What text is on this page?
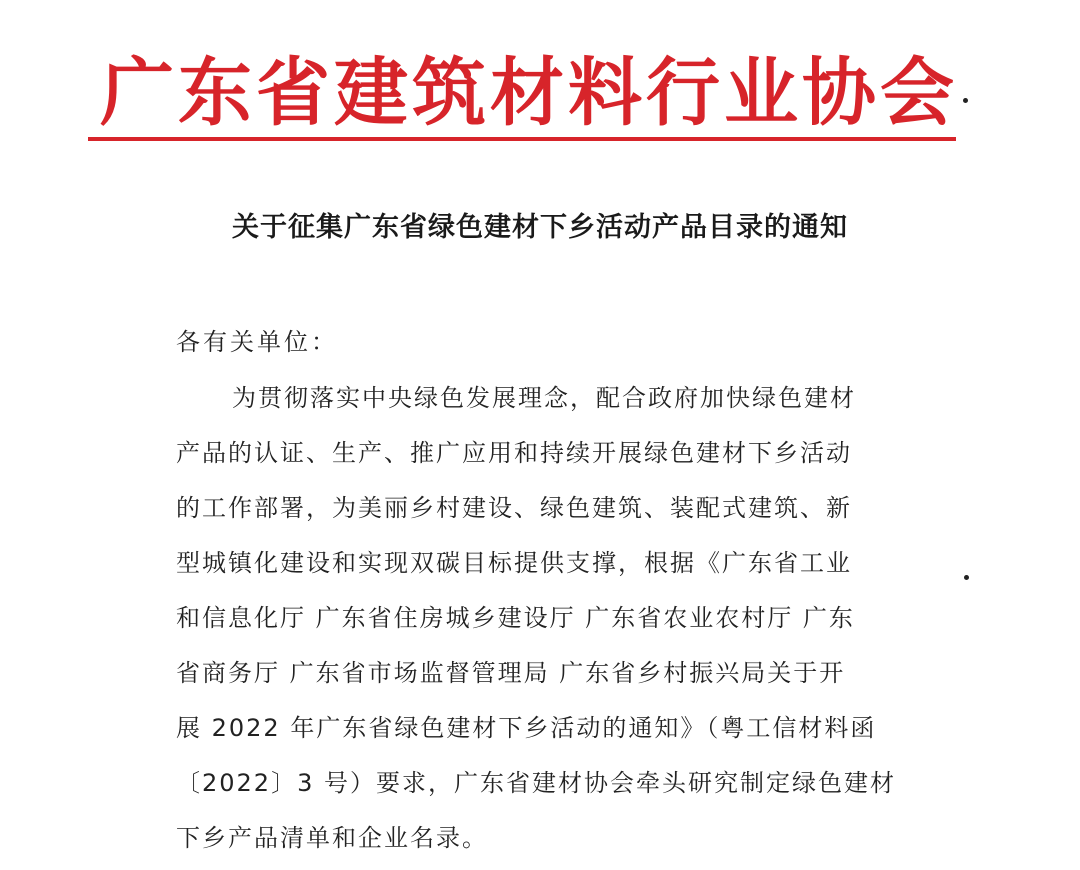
广东省建筑材料行业协会
关于征集广东省绿色建材下乡活动产品目录的通知
各有关单位：
为贯彻落实中央绿色发展理念，配合政府加快绿色建材
产品的认证、生产、推广应用和持续开展绿色建材下乡活动
的工作部署，为美丽乡村建设、绿色建筑、装配式建筑、新
型城镇化建设和实现双碳目标提供支撑，根据《广东省工业
和信息化厅 广东省住房城乡建设厅 广东省农业农村厅 广东
省商务厅 广东省市场监督管理局 广东省乡村振兴局关于开
展 2022 年广东省绿色建材下乡活动的通知》（粤工信材料函
〔2022〕3 号）要求，广东省建材协会牵头研究制定绿色建材
下乡产品清单和企业名录。
